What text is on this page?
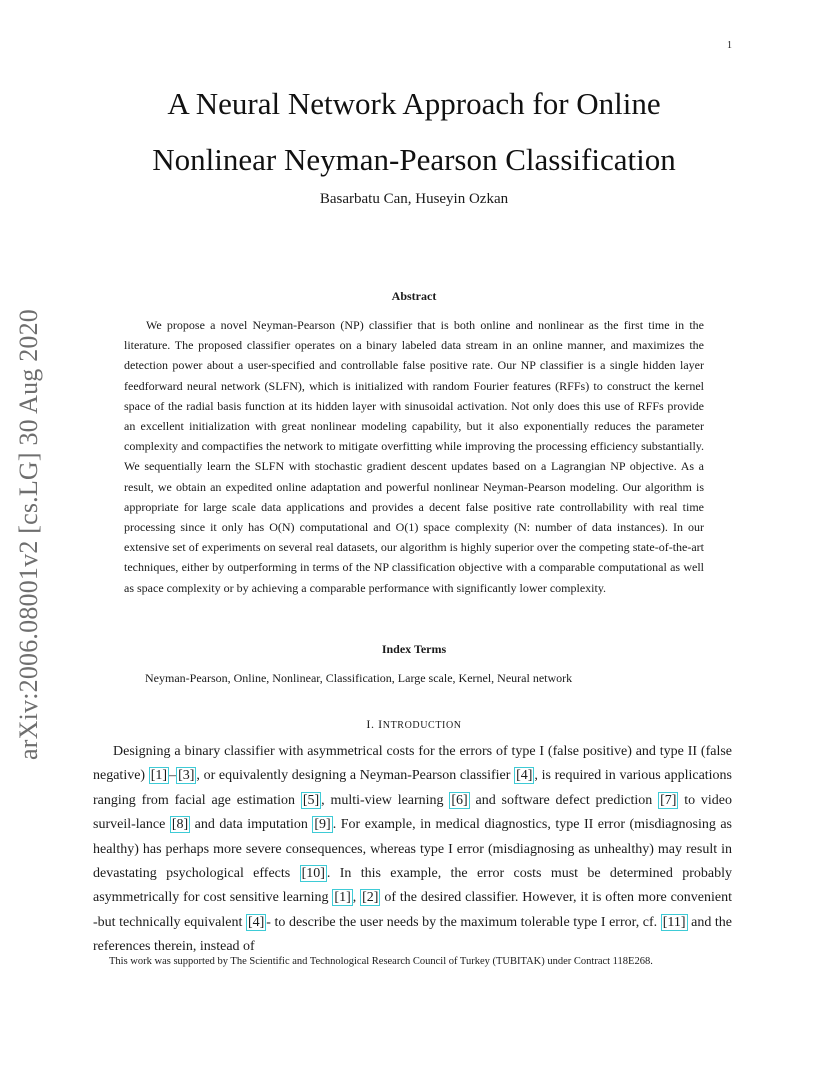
1
arXiv:2006.08001v2 [cs.LG] 30 Aug 2020
A Neural Network Approach for Online
Nonlinear Neyman-Pearson Classification
Basarbatu Can, Huseyin Ozkan
Abstract

We propose a novel Neyman-Pearson (NP) classifier that is both online and nonlinear as the first time in the literature. The proposed classifier operates on a binary labeled data stream in an online manner, and maximizes the detection power about a user-specified and controllable false positive rate. Our NP classifier is a single hidden layer feedforward neural network (SLFN), which is initialized with random Fourier features (RFFs) to construct the kernel space of the radial basis function at its hidden layer with sinusoidal activation. Not only does this use of RFFs provide an excellent initialization with great nonlinear modeling capability, but it also exponentially reduces the parameter complexity and compactifies the network to mitigate overfitting while improving the processing efficiency substantially. We sequentially learn the SLFN with stochastic gradient descent updates based on a Lagrangian NP objective. As a result, we obtain an expedited online adaptation and powerful nonlinear Neyman-Pearson modeling. Our algorithm is appropriate for large scale data applications and provides a decent false positive rate controllability with real time processing since it only has O(N) computational and O(1) space complexity (N: number of data instances). In our extensive set of experiments on several real datasets, our algorithm is highly superior over the competing state-of-the-art techniques, either by outperforming in terms of the NP classification objective with a comparable computational as well as space complexity or by achieving a comparable performance with significantly lower complexity.

Index Terms
Neyman-Pearson, Online, Nonlinear, Classification, Large scale, Kernel, Neural network
I. INTRODUCTION

Designing a binary classifier with asymmetrical costs for the errors of type I (false positive) and type II (false negative) [1] – [3] , or equivalently designing a Neyman-Pearson classifier [4] , is required in various applications ranging from facial age estimation [5] , multi-view learning [6] and software defect prediction [7] to video surveil-lance [8] and data imputation [9] . For example, in medical diagnostics, type II error (misdiagnosing as healthy) has perhaps more severe consequences, whereas type I error (misdiagnosing as unhealthy) may result in devastating psychological effects [10] . In this example, the error costs must be determined probably asymmetrically for cost sensitive learning [1] , [2] of the desired classifier. However, it is often more convenient -but technically equivalent [4] - to describe the user needs by the maximum tolerable type I error, cf. [11] and the references therein, instead of

This work was supported by The Scientific and Technological Research Council of Turkey (TUBITAK) under Contract 118E268.
